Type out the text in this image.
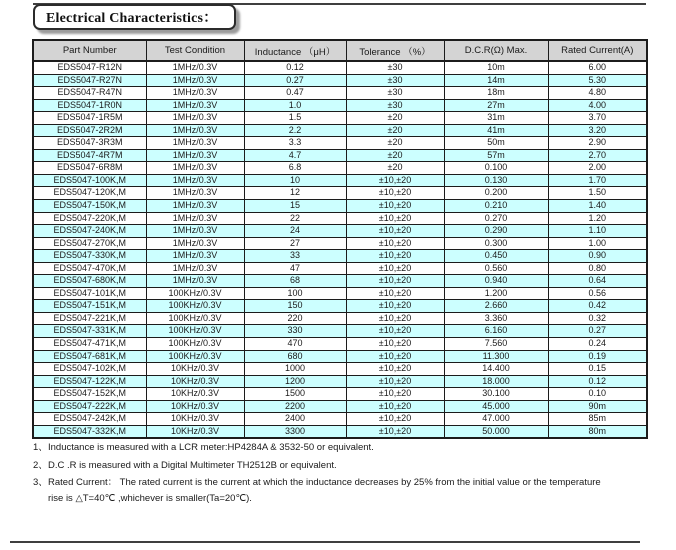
Electrical Characteristics：
Part Number	Test Condition	Inductance （μH）	Tolerance （%）	D.C.R(Ω) Max.	Rated Current(A)
EDS5047-R12N	1MHz/0.3V	0.12	±30	10m	6.00
EDS5047-R27N	1MHz/0.3V	0.27	±30	14m	5.30
EDS5047-R47N	1MHz/0.3V	0.47	±30	18m	4.80
EDS5047-1R0N	1MHz/0.3V	1.0	±30	27m	4.00
EDS5047-1R5M	1MHz/0.3V	1.5	±20	31m	3.70
EDS5047-2R2M	1MHz/0.3V	2.2	±20	41m	3.20
EDS5047-3R3M	1MHz/0.3V	3.3	±20	50m	2.90
EDS5047-4R7M	1MHz/0.3V	4.7	±20	57m	2.70
EDS5047-6R8M	1MHz/0.3V	6.8	±20	0.100	2.00
EDS5047-100K,M	1MHz/0.3V	10	±10,±20	0.130	1.70
EDS5047-120K,M	1MHz/0.3V	12	±10,±20	0.200	1.50
EDS5047-150K,M	1MHz/0.3V	15	±10,±20	0.210	1.40
EDS5047-220K,M	1MHz/0.3V	22	±10,±20	0.270	1.20
EDS5047-240K,M	1MHz/0.3V	24	±10,±20	0.290	1.10
EDS5047-270K,M	1MHz/0.3V	27	±10,±20	0.300	1.00
EDS5047-330K,M	1MHz/0.3V	33	±10,±20	0.450	0.90
EDS5047-470K,M	1MHz/0.3V	47	±10,±20	0.560	0.80
EDS5047-680K,M	1MHz/0.3V	68	±10,±20	0.940	0.64
EDS5047-101K,M	100KHz/0.3V	100	±10,±20	1.200	0.56
EDS5047-151K,M	100KHz/0.3V	150	±10,±20	2.660	0.42
EDS5047-221K,M	100KHz/0.3V	220	±10,±20	3.360	0.32
EDS5047-331K,M	100KHz/0.3V	330	±10,±20	6.160	0.27
EDS5047-471K,M	100KHz/0.3V	470	±10,±20	7.560	0.24
EDS5047-681K,M	100KHz/0.3V	680	±10,±20	11.300	0.19
EDS5047-102K,M	10KHz/0.3V	1000	±10,±20	14.400	0.15
EDS5047-122K,M	10KHz/0.3V	1200	±10,±20	18.000	0.12
EDS5047-152K,M	10KHz/0.3V	1500	±10,±20	30.100	0.10
EDS5047-222K,M	10KHz/0.3V	2200	±10,±20	45.000	90m
EDS5047-242K,M	10KHz/0.3V	2400	±10,±20	47.000	85m
EDS5047-332K,M	10KHz/0.3V	3300	±10,±20	50.000	80m
1、 Inductance is measured with a LCR meter:HP4284A & 3532-50 or equivalent.
2、 D.C .R is measured with a Digital Multimeter TH2512B or equivalent.
3、 Rated Current： The rated current is the current at which the inductance decreases by 25% from the initial value or the temperature
rise is △T=40℃ ,whichever is smaller(Ta=20℃).
